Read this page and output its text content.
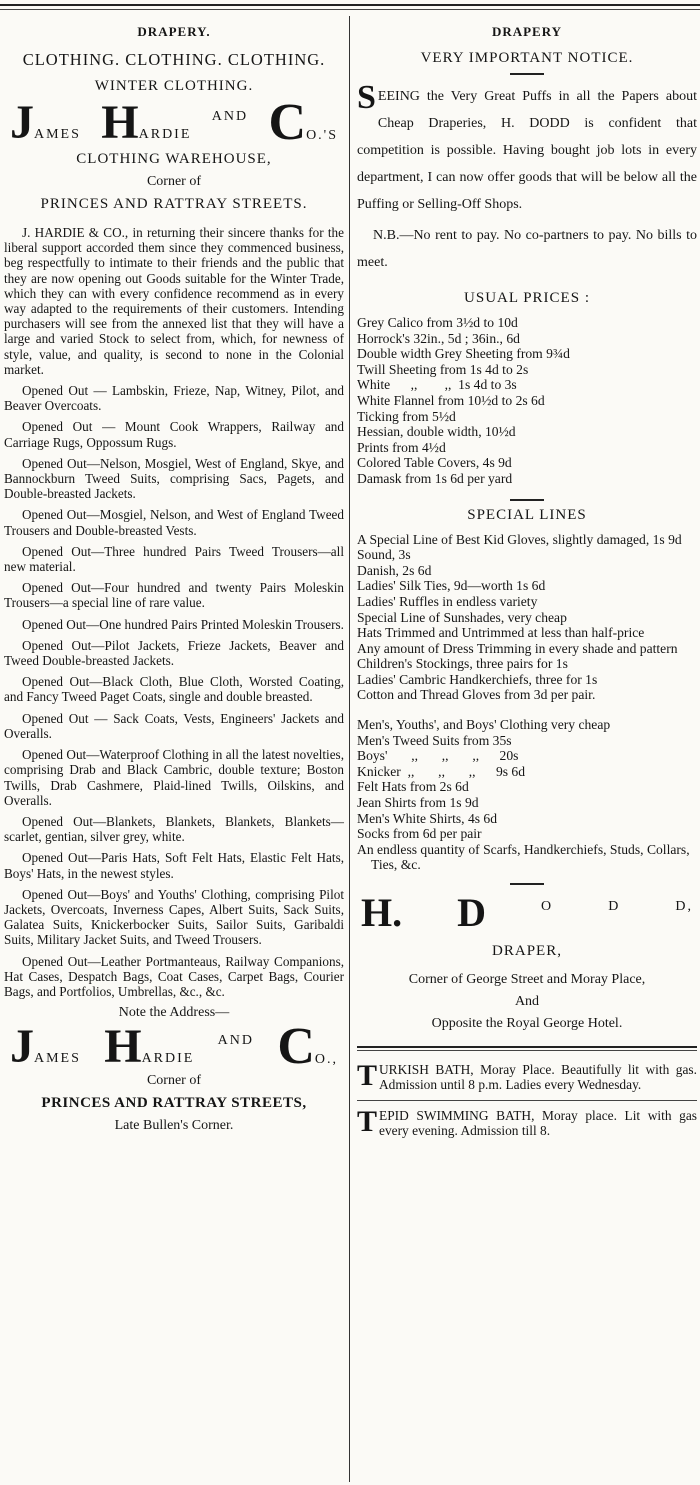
DRAPERY.
CLOTHING. CLOTHING. CLOTHING.
WINTER CLOTHING.
JAMES HARDIE
AND CO.'S
CLOTHING WAREHOUSE,
Corner of
PRINCES AND RATTRAY STREETS.

J. HARDIE & CO., in returning their sincere thanks for the liberal support accorded them since they commenced business, beg respectfully to intimate to their friends and the public that they are now opening out Goods suitable for the Winter Trade, which they can with every confidence recommend as in every way adapted to the requirements of their customers. Intending purchasers will see from the annexed list that they will have a large and varied Stock to select from, which, for newness of style, value, and quality, is second to none in the Colonial market.

Opened Out — Lambskin, Frieze, Nap, Witney, Pilot, and Beaver Overcoats.

Opened Out — Mount Cook Wrappers, Railway and Carriage Rugs, Oppossum Rugs.

Opened Out—Nelson, Mosgiel, West of England, Skye, and Bannockburn Tweed Suits, comprising Sacs, Pagets, and Double-breasted Jackets.

Opened Out—Mosgiel, Nelson, and West of England Tweed Trousers and Double-breasted Vests.

Opened Out—Three hundred Pairs Tweed Trousers—all new material.

Opened Out—Four hundred and twenty Pairs Moleskin Trousers—a special line of rare value.

Opened Out—One hundred Pairs Printed Moleskin Trousers.

Opened Out—Pilot Jackets, Frieze Jackets, Beaver and Tweed Double-breasted Jackets.

Opened Out—Black Cloth, Blue Cloth, Worsted Coating, and Fancy Tweed Paget Coats, single and double breasted.

Opened Out — Sack Coats, Vests, Engineers' Jackets and Overalls.

Opened Out—Waterproof Clothing in all the latest novelties, comprising Drab and Black Cambric, double texture; Boston Twills, Drab Cashmere, Plaid-lined Twills, Oilskins, and Overalls.

Opened Out—Blankets, Blankets, Blankets, Blankets—scarlet, gentian, silver grey, white.

Opened Out—Paris Hats, Soft Felt Hats, Elastic Felt Hats, Boys' Hats, in the newest styles.

Opened Out—Boys' and Youths' Clothing, comprising Pilot Jackets, Overcoats, Inverness Capes, Albert Suits, Sack Suits, Galatea Suits, Knickerbocker Suits, Sailor Suits, Garibaldi Suits, Military Jacket Suits, and Tweed Trousers.

Opened Out—Leather Portmanteaus, Railway Companions, Hat Cases, Despatch Bags, Coat Cases, Carpet Bags, Courier Bags, and Portfolios, Umbrellas, &c., &c.

Note the Address—
JAMES HARDIE
AND CO.,
Corner of
PRINCES AND RATTRAY STREETS,
Late Bullen's Corner.
DRAPERY
VERY IMPORTANT NOTICE.
SEEING the Very Great Puffs in all the Papers about Cheap Draperies, H. DODD is confident that competition is possible. Having bought job lots in every department, I can now offer goods that will be below all the Puffing or Selling-Off Shops.
N.B.—No rent to pay. No co-partners to pay. No bills to meet.
USUAL PRICES :

Grey Calico from 3½d to 10d

Horrock's 32in., 5d ; 36in., 6d

Double width Grey Sheeting from 9¾d

Twill Sheeting from 1s 4d to 2s

White      ,,        ,,  1s 4d to 3s

White Flannel from 10½d to 2s 6d

Ticking from 5½d

Hessian, double width, 10½d

Prints from 4½d

Colored Table Covers, 4s 9d

Damask from 1s 6d per yard

SPECIAL LINES

A Special Line of Best Kid Gloves, slightly damaged, 1s 9d

Sound, 3s

Danish, 2s 6d

Ladies' Silk Ties, 9d—worth 1s 6d

Ladies' Ruffles in endless variety

Special Line of Sunshades, very cheap

Hats Trimmed and Untrimmed at less than half-price

Any amount of Dress Trimming in every shade and pattern

Children's Stockings, three pairs for 1s

Ladies' Cambric Handkerchiefs, three for 1s

Cotton and Thread Gloves from 3d per pair.

Men's, Youths', and Boys' Clothing very cheap

Men's Tweed Suits from 35s

Boys'       ,,       ,,       ,,      20s

Knicker  ,,       ,,       ,,      9s 6d

Felt Hats from 2s 6d

Jean Shirts from 1s 9d

Men's White Shirts, 4s 6d

Socks from 6d per pair

An endless quantity of Scarfs, Handkerchiefs, Studs, Collars, Ties, &c.

H. D	O	D	D,
DRAPER,
Corner of George Street and Moray Place,
And
Opposite the Royal George Hotel.
TURKISH BATH, Moray Place. Beautifully lit with gas. Admission until 8 p.m. Ladies every Wednesday.
TEPID SWIMMING BATH, Moray place. Lit with gas every evening. Admission till 8.
